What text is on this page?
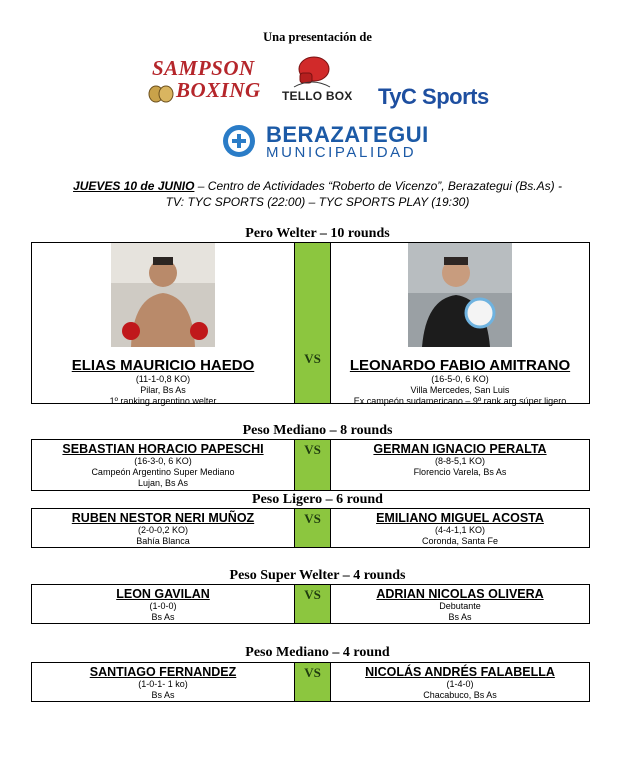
Una presentación de
SAMPSON
BOXING TELLO BOX TyC Sports
BERAZATEGUI
MUNICIPALIDAD
JUEVES 10 de JUNIO – Centro de Actividades “Roberto de Vicenzo”, Berazategui (Bs.As) -
TV: TYC SPORTS (22:00) – TYC SPORTS PLAY (19:30)
Pero Welter – 10 rounds
ELIAS MAURICIO HAEDO
(11-1-0,8 KO)
Pilar, Bs As
1º ranking argentino welter
VS	LEONARDO FABIO AMITRANO
(16-5-0, 6 KO)
Villa Mercedes, San Luis
Ex campeón sudamericano – 9º rank arg súper ligero
Peso Mediano – 8 rounds
SEBASTIAN HORACIO PAPESCHI
(16-3-0, 6 KO)
Campeón Argentino Super Mediano
Lujan, Bs As
VS	GERMAN IGNACIO PERALTA
(8-8-5,1 KO)
Florencio Varela, Bs As
Peso Ligero – 6 round
RUBEN NESTOR NERI MUÑOZ
(2-0-0,2 KO)
Bahía Blanca
VS	EMILIANO MIGUEL ACOSTA
(4-4-1,1 KO)
Coronda, Santa Fe
Peso Super Welter – 4 rounds
LEON GAVILAN
(1-0-0)
Bs As
VS	ADRIAN NICOLAS OLIVERA
Debutante
Bs As
Peso Mediano – 4 round
SANTIAGO FERNANDEZ
(1-0-1- 1 ko)
Bs As
VS	NICOLÁS ANDRÉS FALABELLA
(1-4-0)
Chacabuco, Bs As
